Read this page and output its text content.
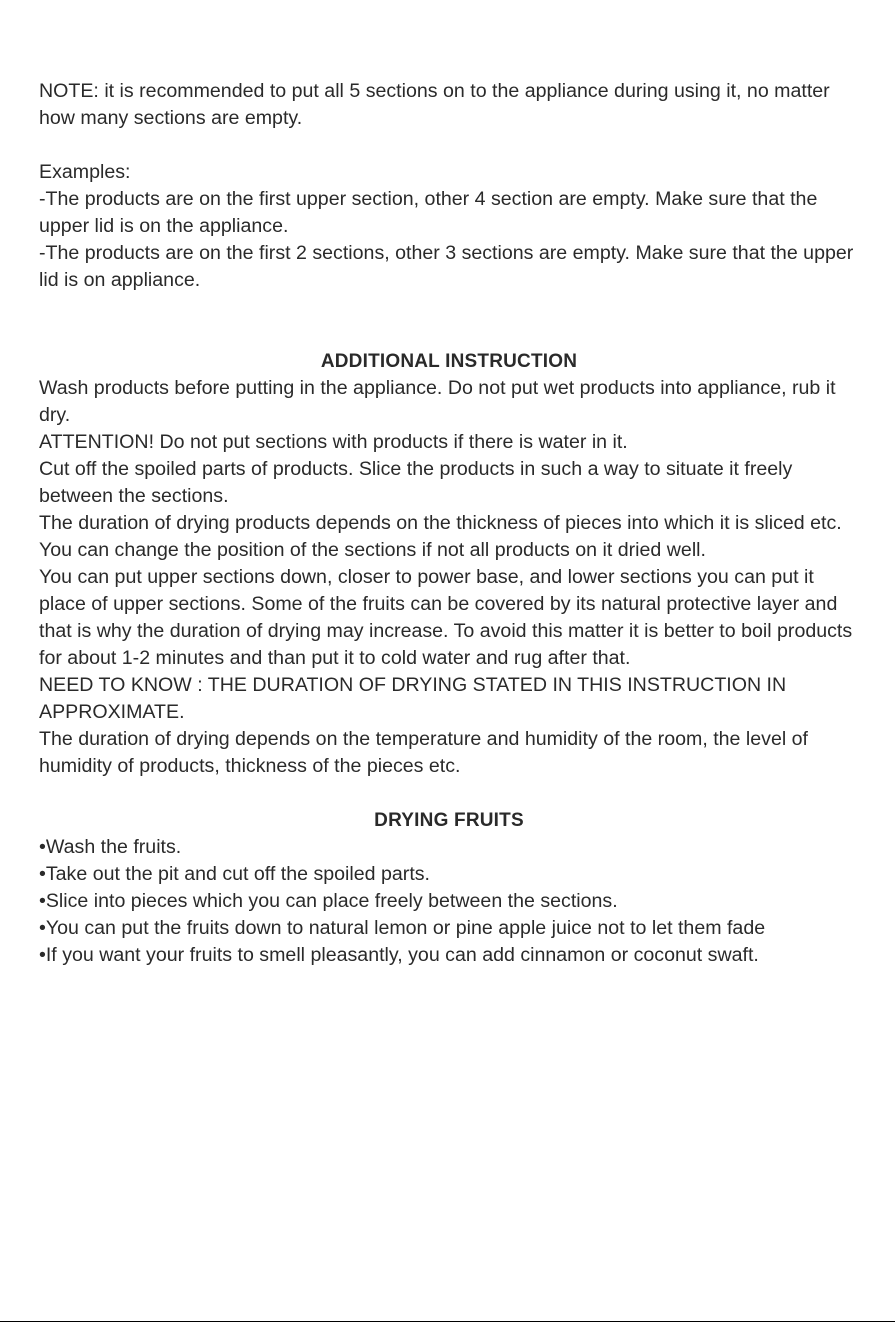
NOTE: it is recommended to put all 5 sections on to the appliance during using it, no matter how many sections are empty.

Examples:

-The products are on the first upper section, other 4 section are empty. Make sure that the upper lid is on the appliance.

-The products are on the first 2 sections, other 3 sections are empty. Make sure that the upper lid is on appliance.

ADDITIONAL INSTRUCTION

Wash products before putting in the appliance. Do not put wet products into appliance, rub it dry.

ATTENTION! Do not put sections with products if there is water in it.

Cut off the spoiled parts of products. Slice the products in such a way to situate it freely between the sections.

The duration of drying products depends on the thickness of pieces into which it is sliced etc.

You can change the position of the sections if not all products on it dried well.

You can put upper sections down, closer to power base, and lower sections you can put it place of upper sections. Some of the fruits can be covered by its natural protective layer and that is why the duration of drying may increase. To avoid this matter it is better to boil products for about 1-2 minutes and than put it to cold water and rug after that.

NEED TO KNOW : THE DURATION OF DRYING STATED IN THIS INSTRUCTION IN APPROXIMATE.

The duration of drying depends on the temperature and humidity of the room, the level of humidity of products, thickness of the pieces etc.

DRYING FRUITS

•Wash the fruits.

•Take out the pit and cut off the spoiled parts.

•Slice into pieces which you can place freely between the sections.

•You can put the fruits down to natural lemon or pine apple juice not to let them fade

•If you want your fruits to smell pleasantly, you can add cinnamon or coconut swaft.
